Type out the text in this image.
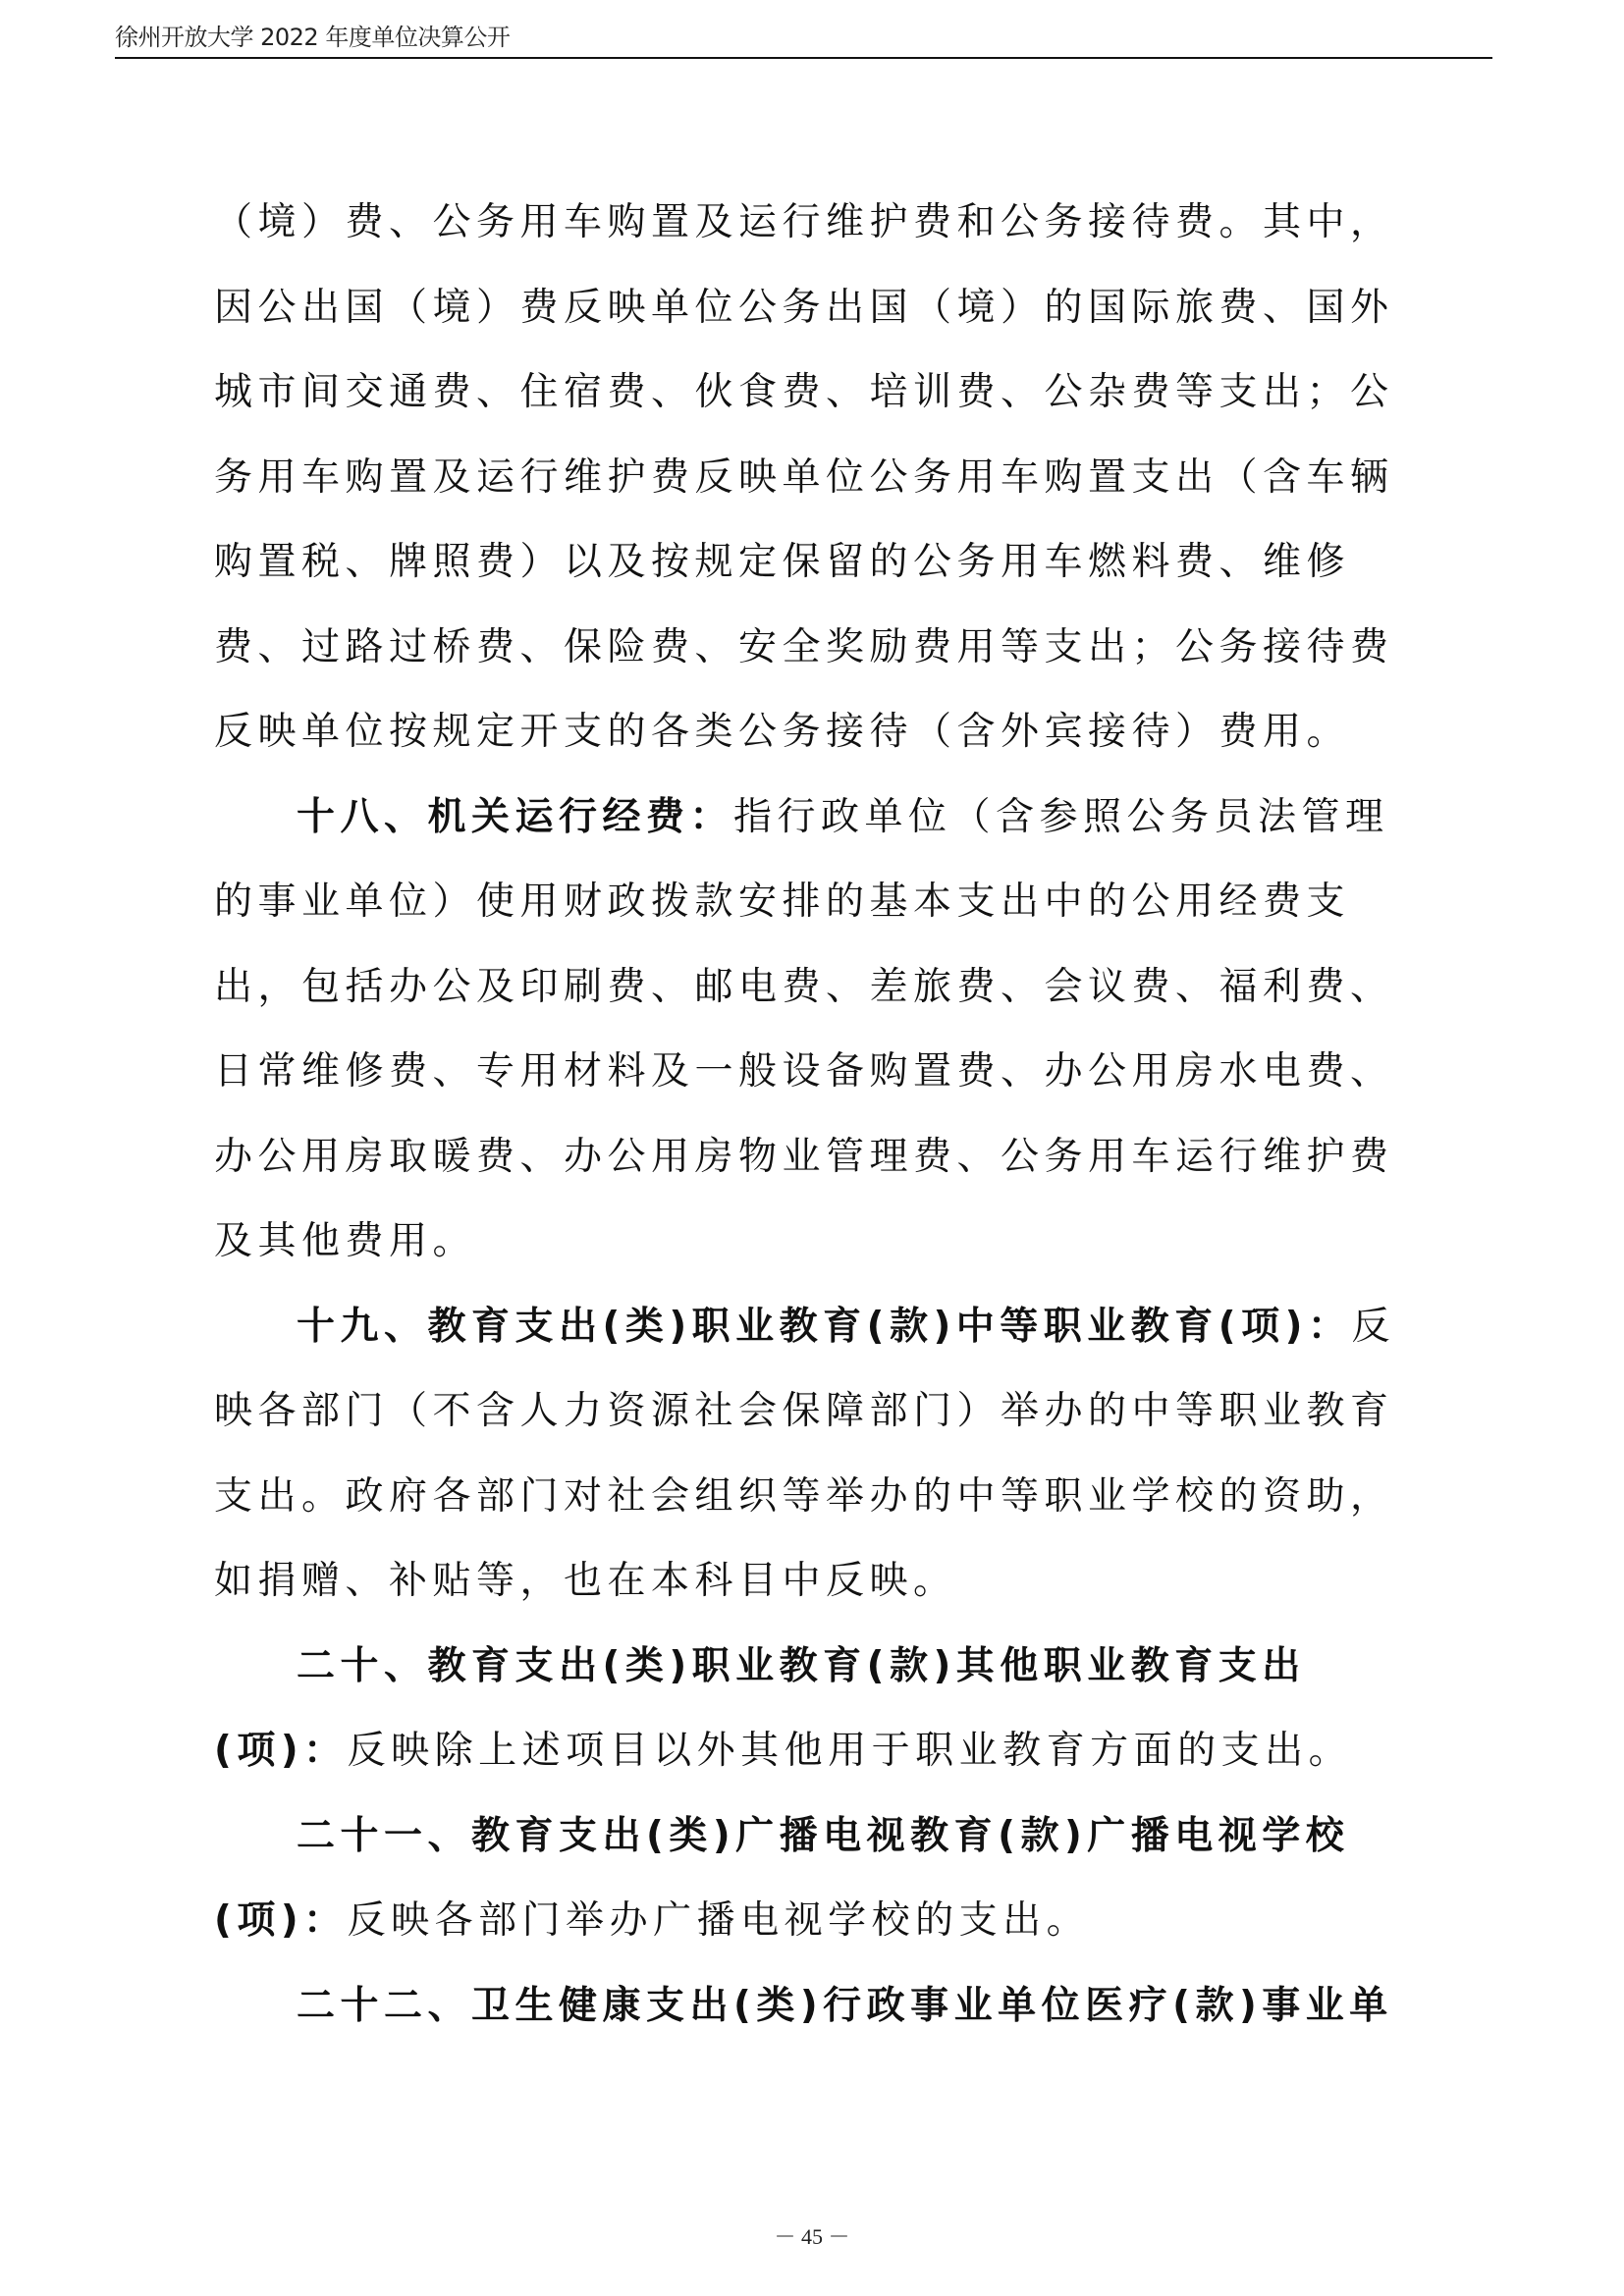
徐州开放大学 2022 年度单位决算公开
（境）费、公务用车购置及运行维护费和公务接待费。其中，
因公出国（境）费反映单位公务出国（境）的国际旅费、国外
城市间交通费、住宿费、伙食费、培训费、公杂费等支出；公
务用车购置及运行维护费反映单位公务用车购置支出（含车辆
购置税、牌照费）以及按规定保留的公务用车燃料费、维修
费、过路过桥费、保险费、安全奖励费用等支出；公务接待费
反映单位按规定开支的各类公务接待（含外宾接待）费用。
十八、机关运行经费：指行政单位（含参照公务员法管理
的事业单位）使用财政拨款安排的基本支出中的公用经费支
出，包括办公及印刷费、邮电费、差旅费、会议费、福利费、
日常维修费、专用材料及一般设备购置费、办公用房水电费、
办公用房取暖费、办公用房物业管理费、公务用车运行维护费
及其他费用。
十九、教育支出(类)职业教育(款)中等职业教育(项)：反
映各部门（不含人力资源社会保障部门）举办的中等职业教育
支出。政府各部门对社会组织等举办的中等职业学校的资助，
如捐赠、补贴等，也在本科目中反映。
二十、教育支出(类)职业教育(款)其他职业教育支出
(项)：反映除上述项目以外其他用于职业教育方面的支出。
二十一、教育支出(类)广播电视教育(款)广播电视学校
(项)：反映各部门举办广播电视学校的支出。
二十二、卫生健康支出(类)行政事业单位医疗(款)事业单
－ 45 －
